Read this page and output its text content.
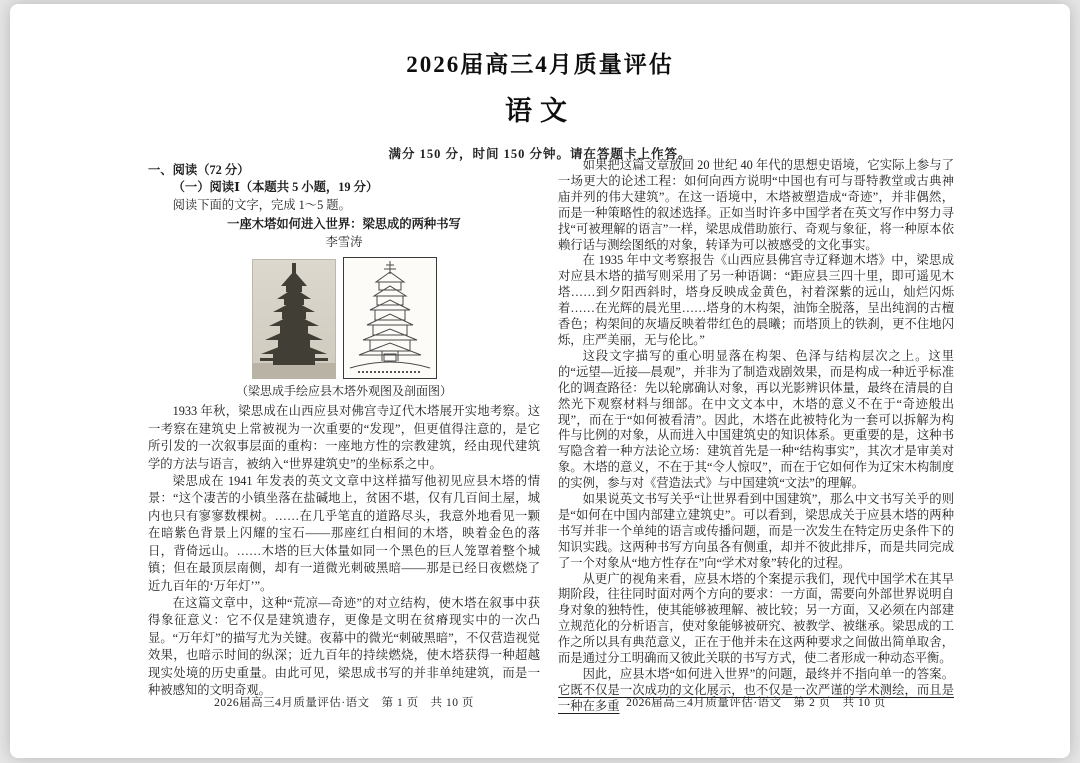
2026届高三4月质量评估
语文
满分 150 分，时间 150 分钟。请在答题卡上作答。
一、阅读（72 分）
（一）阅读Ⅰ（本题共 5 小题，19 分）
阅读下面的文字，完成 1～5 题。
一座木塔如何进入世界：梁思成的两种书写
李雪涛
（梁思成手绘应县木塔外观图及剖面图）

1933 年秋，梁思成在山西应县对佛宫寺辽代木塔展开实地考察。这一考察在建筑史上常被视为一次重要的“发现”，但更值得注意的，是它所引发的一次叙事层面的重构：一座地方性的宗教建筑，经由现代建筑学的方法与语言，被纳入“世界建筑史”的坐标系之中。

梁思成在 1941 年发表的英文文章中这样描写他初见应县木塔的情景：“这个凄苦的小镇坐落在盐碱地上，贫困不堪，仅有几百间土屋，城内也只有寥寥数棵树。……在几乎笔直的道路尽头，我意外地看见一颗在暗紫色背景上闪耀的宝石——那座红白相间的木塔，映着金色的落日，背倚远山。……木塔的巨大体量如同一个黑色的巨人笼罩着整个城镇；但在最顶层南侧，却有一道微光刺破黑暗——那是已经日夜燃烧了近九百年的‘万年灯’”。

在这篇文章中，这种“荒凉—奇迹”的对立结构，使木塔在叙事中获得象征意义：它不仅是建筑遗存，更像是文明在贫瘠现实中的一次凸显。“万年灯”的描写尤为关键。夜幕中的微光“刺破黑暗”，不仅营造视觉效果，也暗示时间的纵深；近九百年的持续燃烧，使木塔获得一种超越现实处境的历史重量。由此可见，梁思成书写的并非单纯建筑，而是一种被感知的文明奇观。

如果把这篇文章放回 20 世纪 40 年代的思想史语境，它实际上参与了一场更大的论述工程：如何向西方说明“中国也有可与哥特教堂或古典神庙并列的伟大建筑”。在这一语境中，木塔被塑造成“奇迹”，并非偶然，而是一种策略性的叙述选择。正如当时许多中国学者在英文写作中努力寻找“可被理解的语言”一样，梁思成借助旅行、奇观与象征，将一种原本依赖行话与测绘图纸的对象，转译为可以被感受的文化事实。

在 1935 年中文考察报告《山西应县佛宫寺辽释迦木塔》中，梁思成对应县木塔的描写则采用了另一种语调：“距应县三四十里，即可遥见木塔……到夕阳西斜时，塔身反映成金黄色，衬着深紫的远山，灿烂闪烁着……在光辉的晨光里……塔身的木构架，油饰全脱落，呈出纯润的古檀香色；构架间的灰墙反映着带红色的晨曦；而塔顶上的铁刹，更不住地闪烁，庄严美丽，无与伦比。”

这段文字描写的重心明显落在构架、色泽与结构层次之上。这里的“远望—近接—晨观”，并非为了制造戏剧效果，而是构成一种近乎标准化的调查路径：先以轮廓确认对象，再以光影辨识体量，最终在清晨的自然光下观察材料与细部。在中文文本中，木塔的意义不在于“奇迹般出现”，而在于“如何被看清”。因此，木塔在此被特化为一套可以拆解为构件与比例的对象，从而进入中国建筑史的知识体系。更重要的是，这种书写隐含着一种方法论立场：建筑首先是一种“结构事实”，其次才是审美对象。木塔的意义，不在于其“令人惊叹”，而在于它如何作为辽宋木构制度的实例，参与对《营造法式》与中国建筑“文法”的理解。

如果说英文书写关乎“让世界看到中国建筑”，那么中文书写关乎的则是“如何在中国内部建立建筑史”。可以看到，梁思成关于应县木塔的两种书写并非一个单纯的语言或传播问题，而是一次发生在特定历史条件下的知识实践。这两种书写方向虽各有侧重，却并不彼此排斥，而是共同完成了一个对象从“地方性存在”向“学术对象”转化的过程。

从更广的视角来看，应县木塔的个案提示我们，现代中国学术在其早期阶段，往往同时面对两个方向的要求：一方面，需要向外部世界说明自身对象的独特性，使其能够被理解、被比较；另一方面，又必须在内部建立规范化的分析语言，使对象能够被研究、被教学、被继承。梁思成的工作之所以具有典范意义，正在于他并未在这两种要求之间做出简单取舍，而是通过分工明确而又彼此关联的书写方式，使二者形成一种动态平衡。

因此，应县木塔“如何进入世界”的问题，最终并不指向单一的答案。它既不仅是一次成功的文化展示，也不仅是一次严谨的学术测绘，而且是一种在多重

2026届高三4月质量评估·语文　第 1 页　共 10 页	2026届高三4月质量评估·语文　第 2 页　共 10 页
